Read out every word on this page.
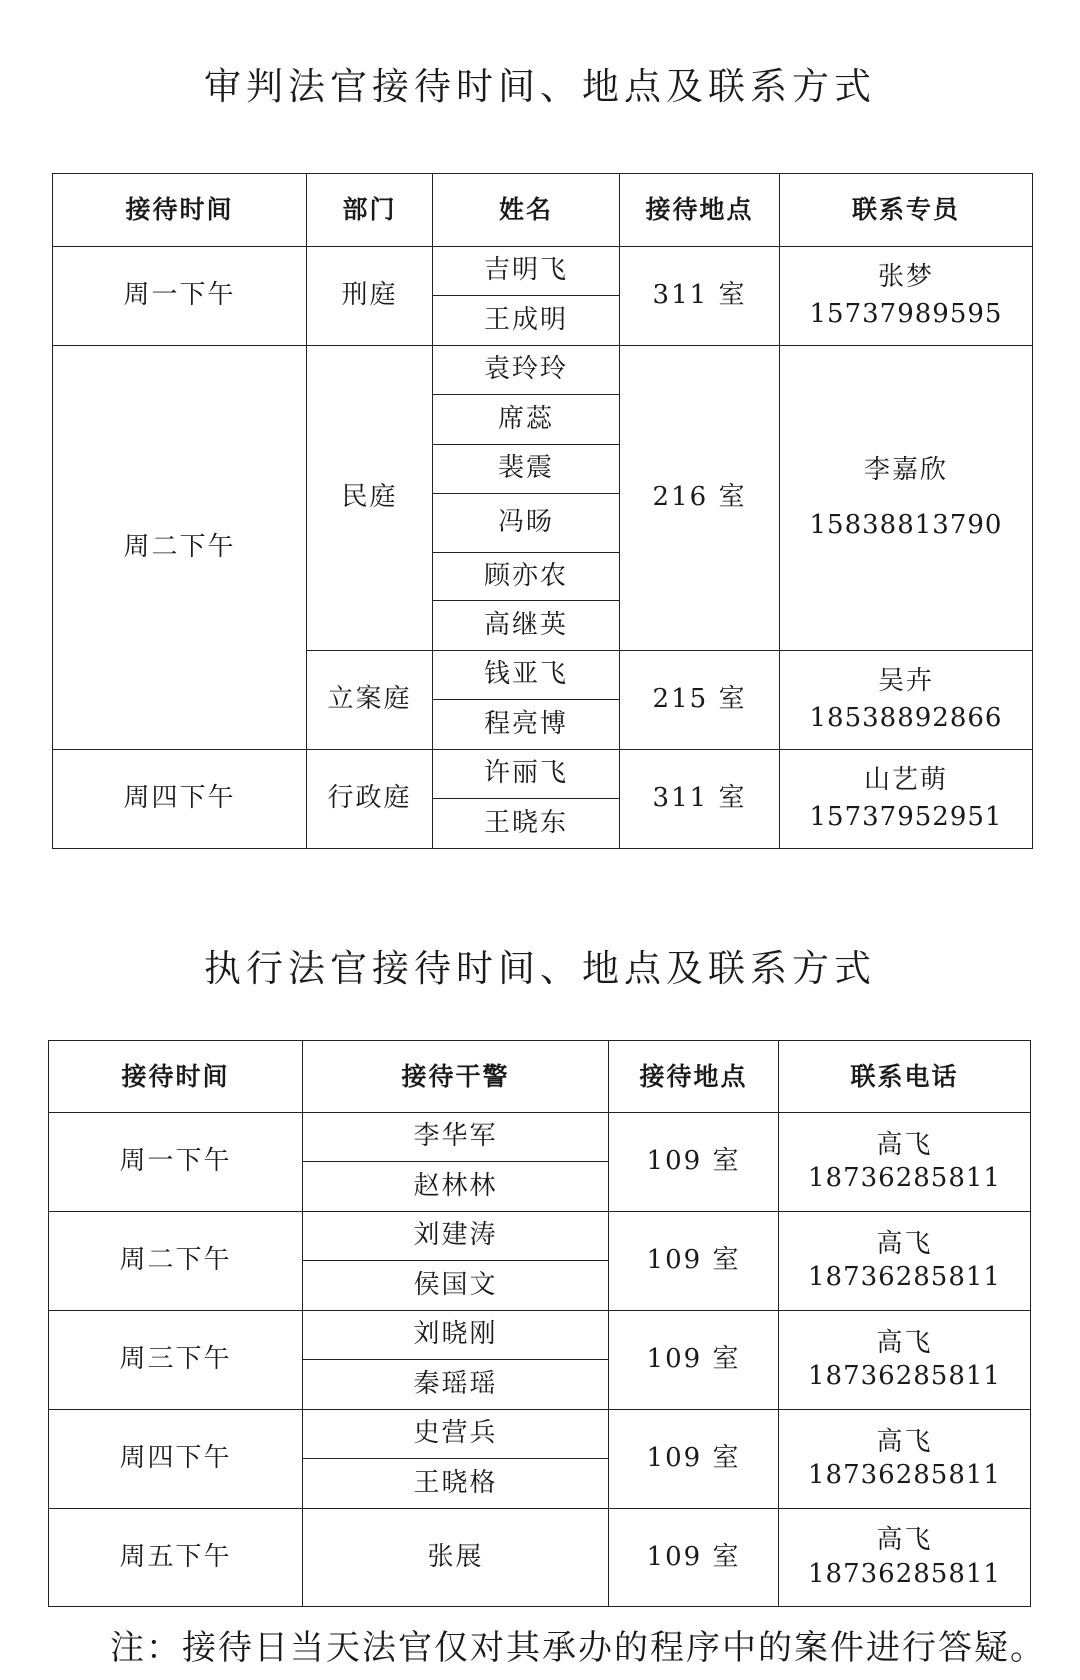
审判法官接待时间、地点及联系方式
接待时间	部门	姓名	接待地点	联系专员
周一下午	刑庭	吉明飞	311 室	张梦
15737989595

		王成明		
周二下午	民庭	袁玲玲	216 室	李嘉欣
15838813790

		席蕊		
		裴震		
		冯旸		
		顾亦农		
		高继英		
	立案庭	钱亚飞	215 室	吴卉
18538892866

		程亮博		
周四下午	行政庭	许丽飞	311 室	山艺萌
15737952951

		王晓东		
执行法官接待时间、地点及联系方式
接待时间	接待干警	接待地点	联系电话
周一下午	李华军	109 室	高飞
18736285811

	赵林林		
周二下午	刘建涛	109 室	高飞
18736285811

	侯国文		
周三下午	刘晓刚	109 室	高飞
18736285811

	秦瑶瑶		
周四下午	史营兵	109 室	高飞
18736285811

	王晓格		
周五下午	张展	109 室	高飞
18736285811

注：接待日当天法官仅对其承办的程序中的案件进行答疑。
